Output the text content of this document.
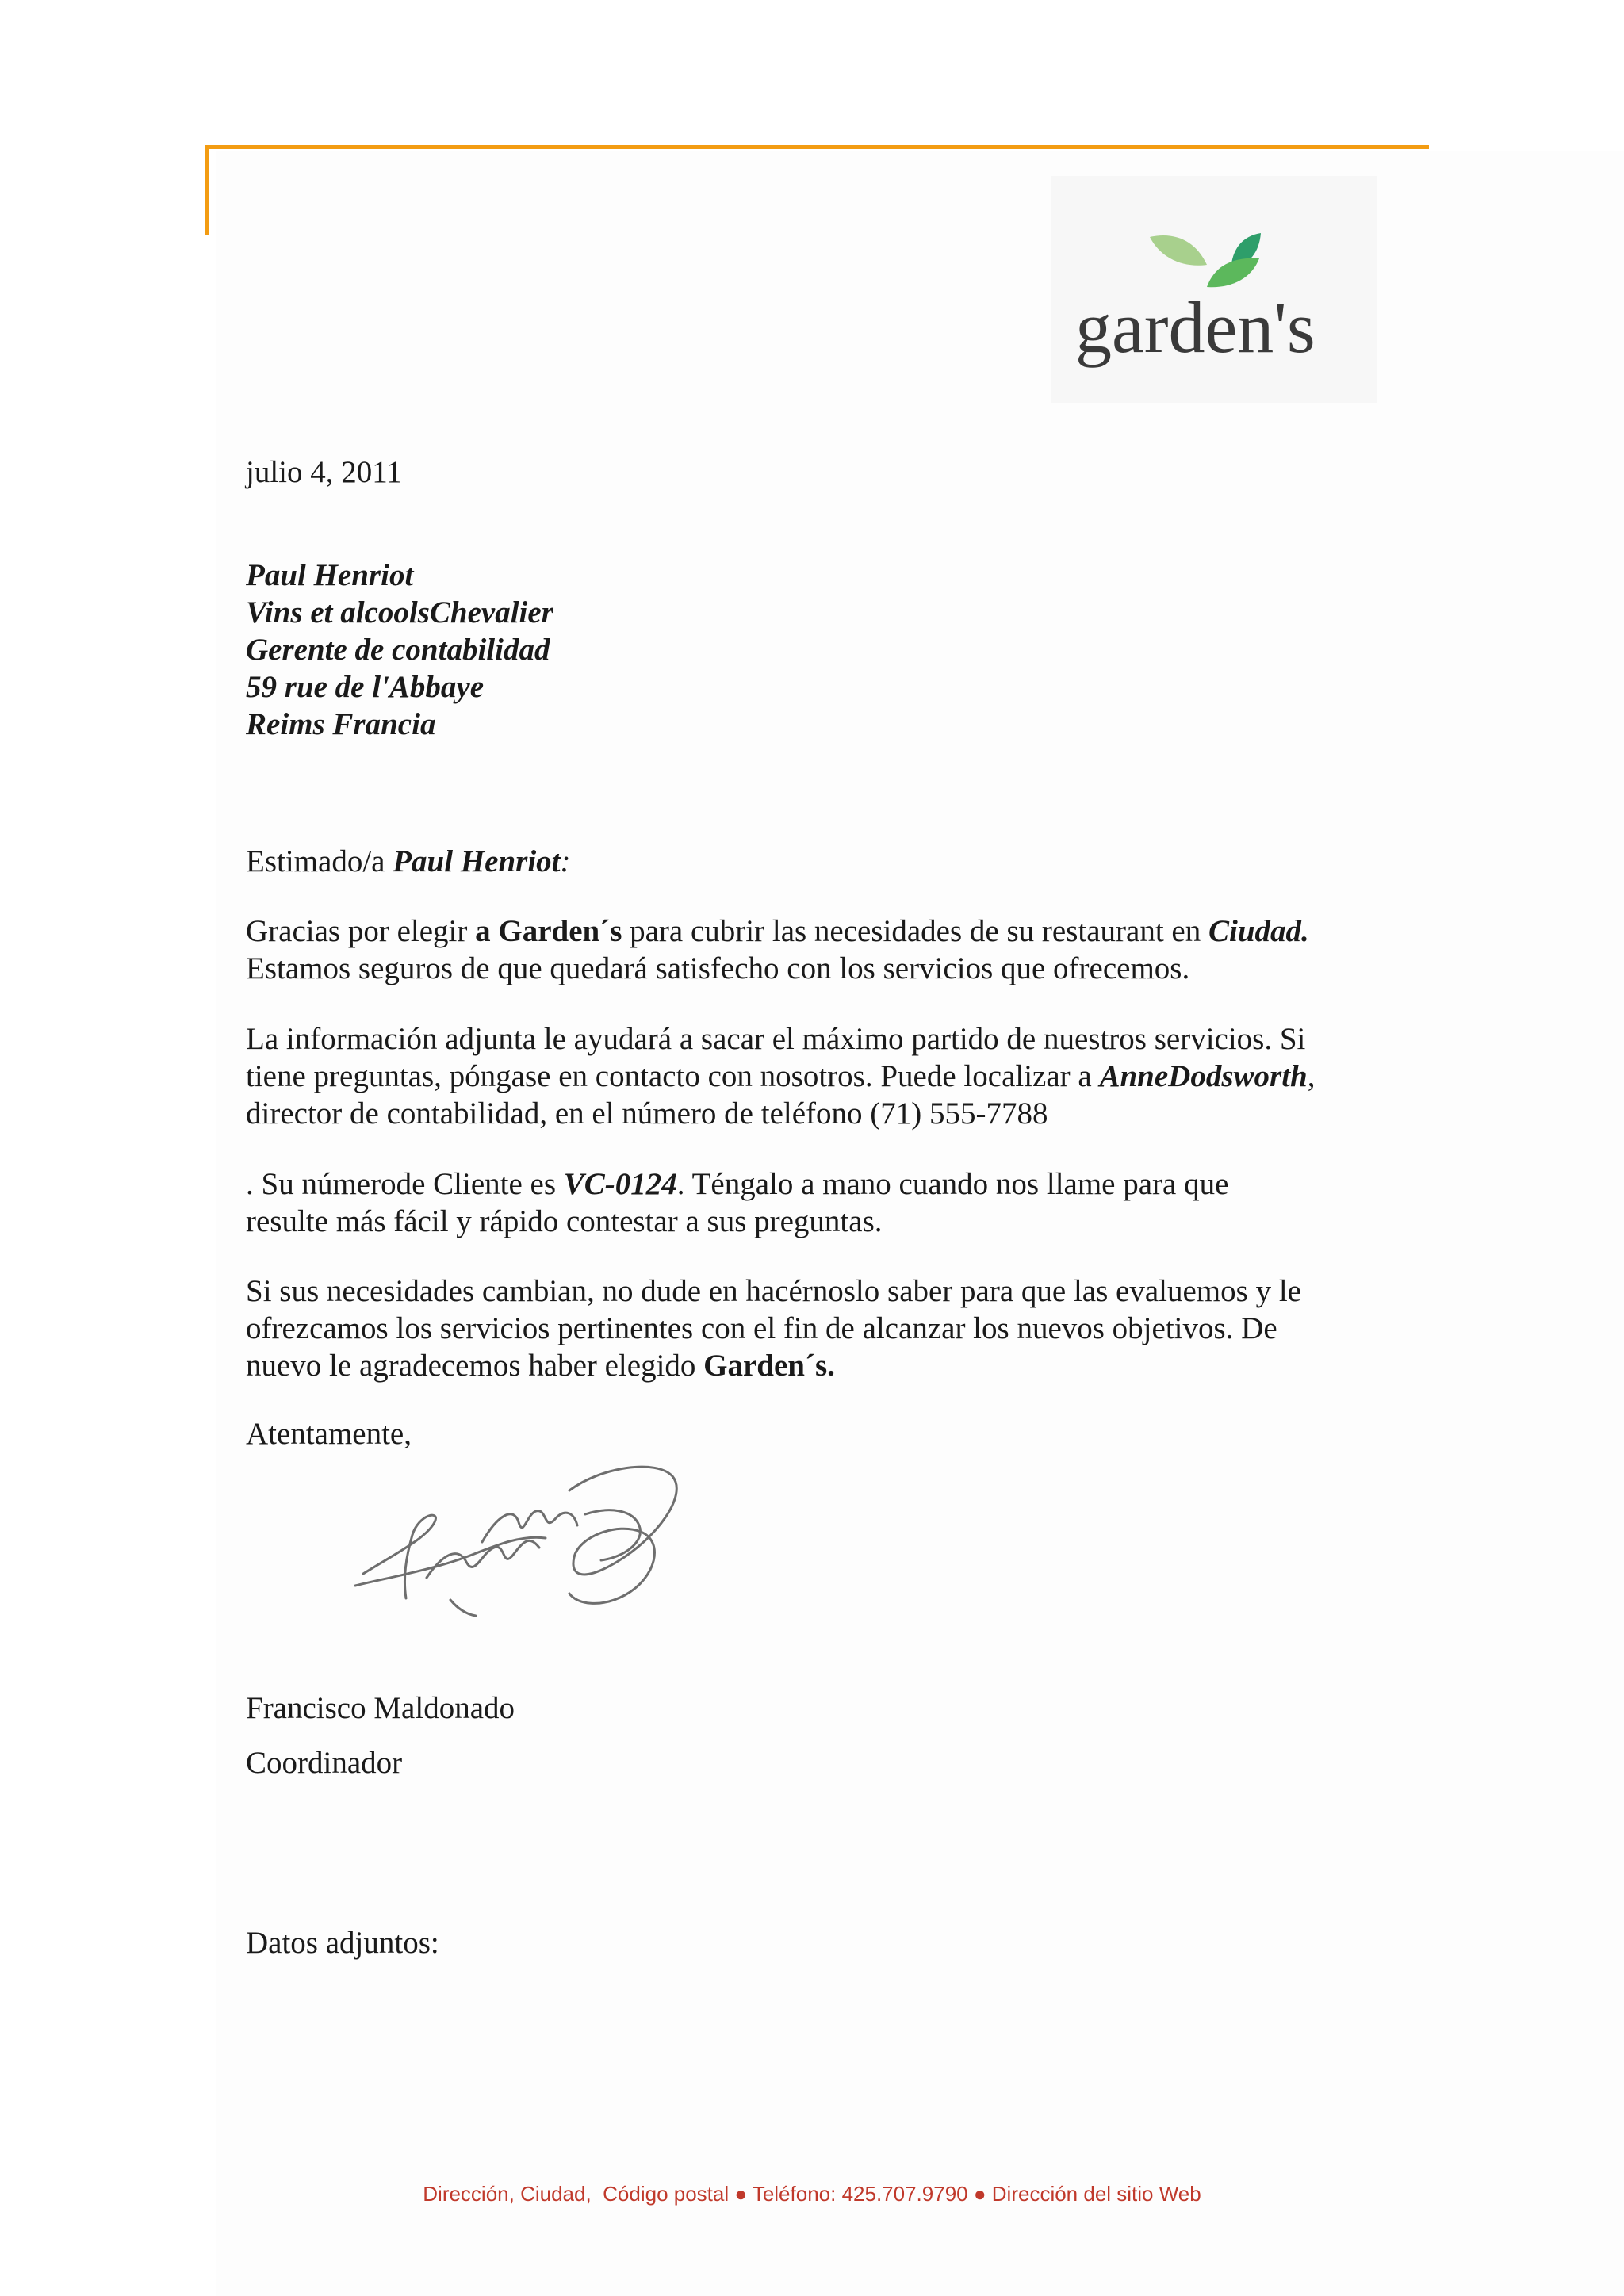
garden's

julio 4, 2011

Paul Henriot

Vins et alcoolsChevalier

Gerente de contabilidad

59 rue de l'Abbaye

Reims Francia

Estimado/a Paul Henriot:

Gracias por elegir a Garden´s para cubrir las necesidades de su restaurant en Ciudad.

Estamos seguros de que quedará satisfecho con los servicios que ofrecemos.

La información adjunta le ayudará a sacar el máximo partido de nuestros servicios. Si

tiene preguntas, póngase en contacto con nosotros. Puede localizar a AnneDodsworth,

director de contabilidad, en el número de teléfono (71) 555-7788

. Su númerode Cliente es VC-0124. Téngalo a mano cuando nos llame para que

resulte más fácil y rápido contestar a sus preguntas.

Si sus necesidades cambian, no dude en hacérnoslo saber para que las evaluemos y le

ofrezcamos los servicios pertinentes con el fin de alcanzar los nuevos objetivos. De

nuevo le agradecemos haber elegido Garden´s.

Atentamente,

Francisco Maldonado

Coordinador

Datos adjuntos:

Dirección, Ciudad,  Código postal ● Teléfono: 425.707.9790 ● Dirección del sitio Web
